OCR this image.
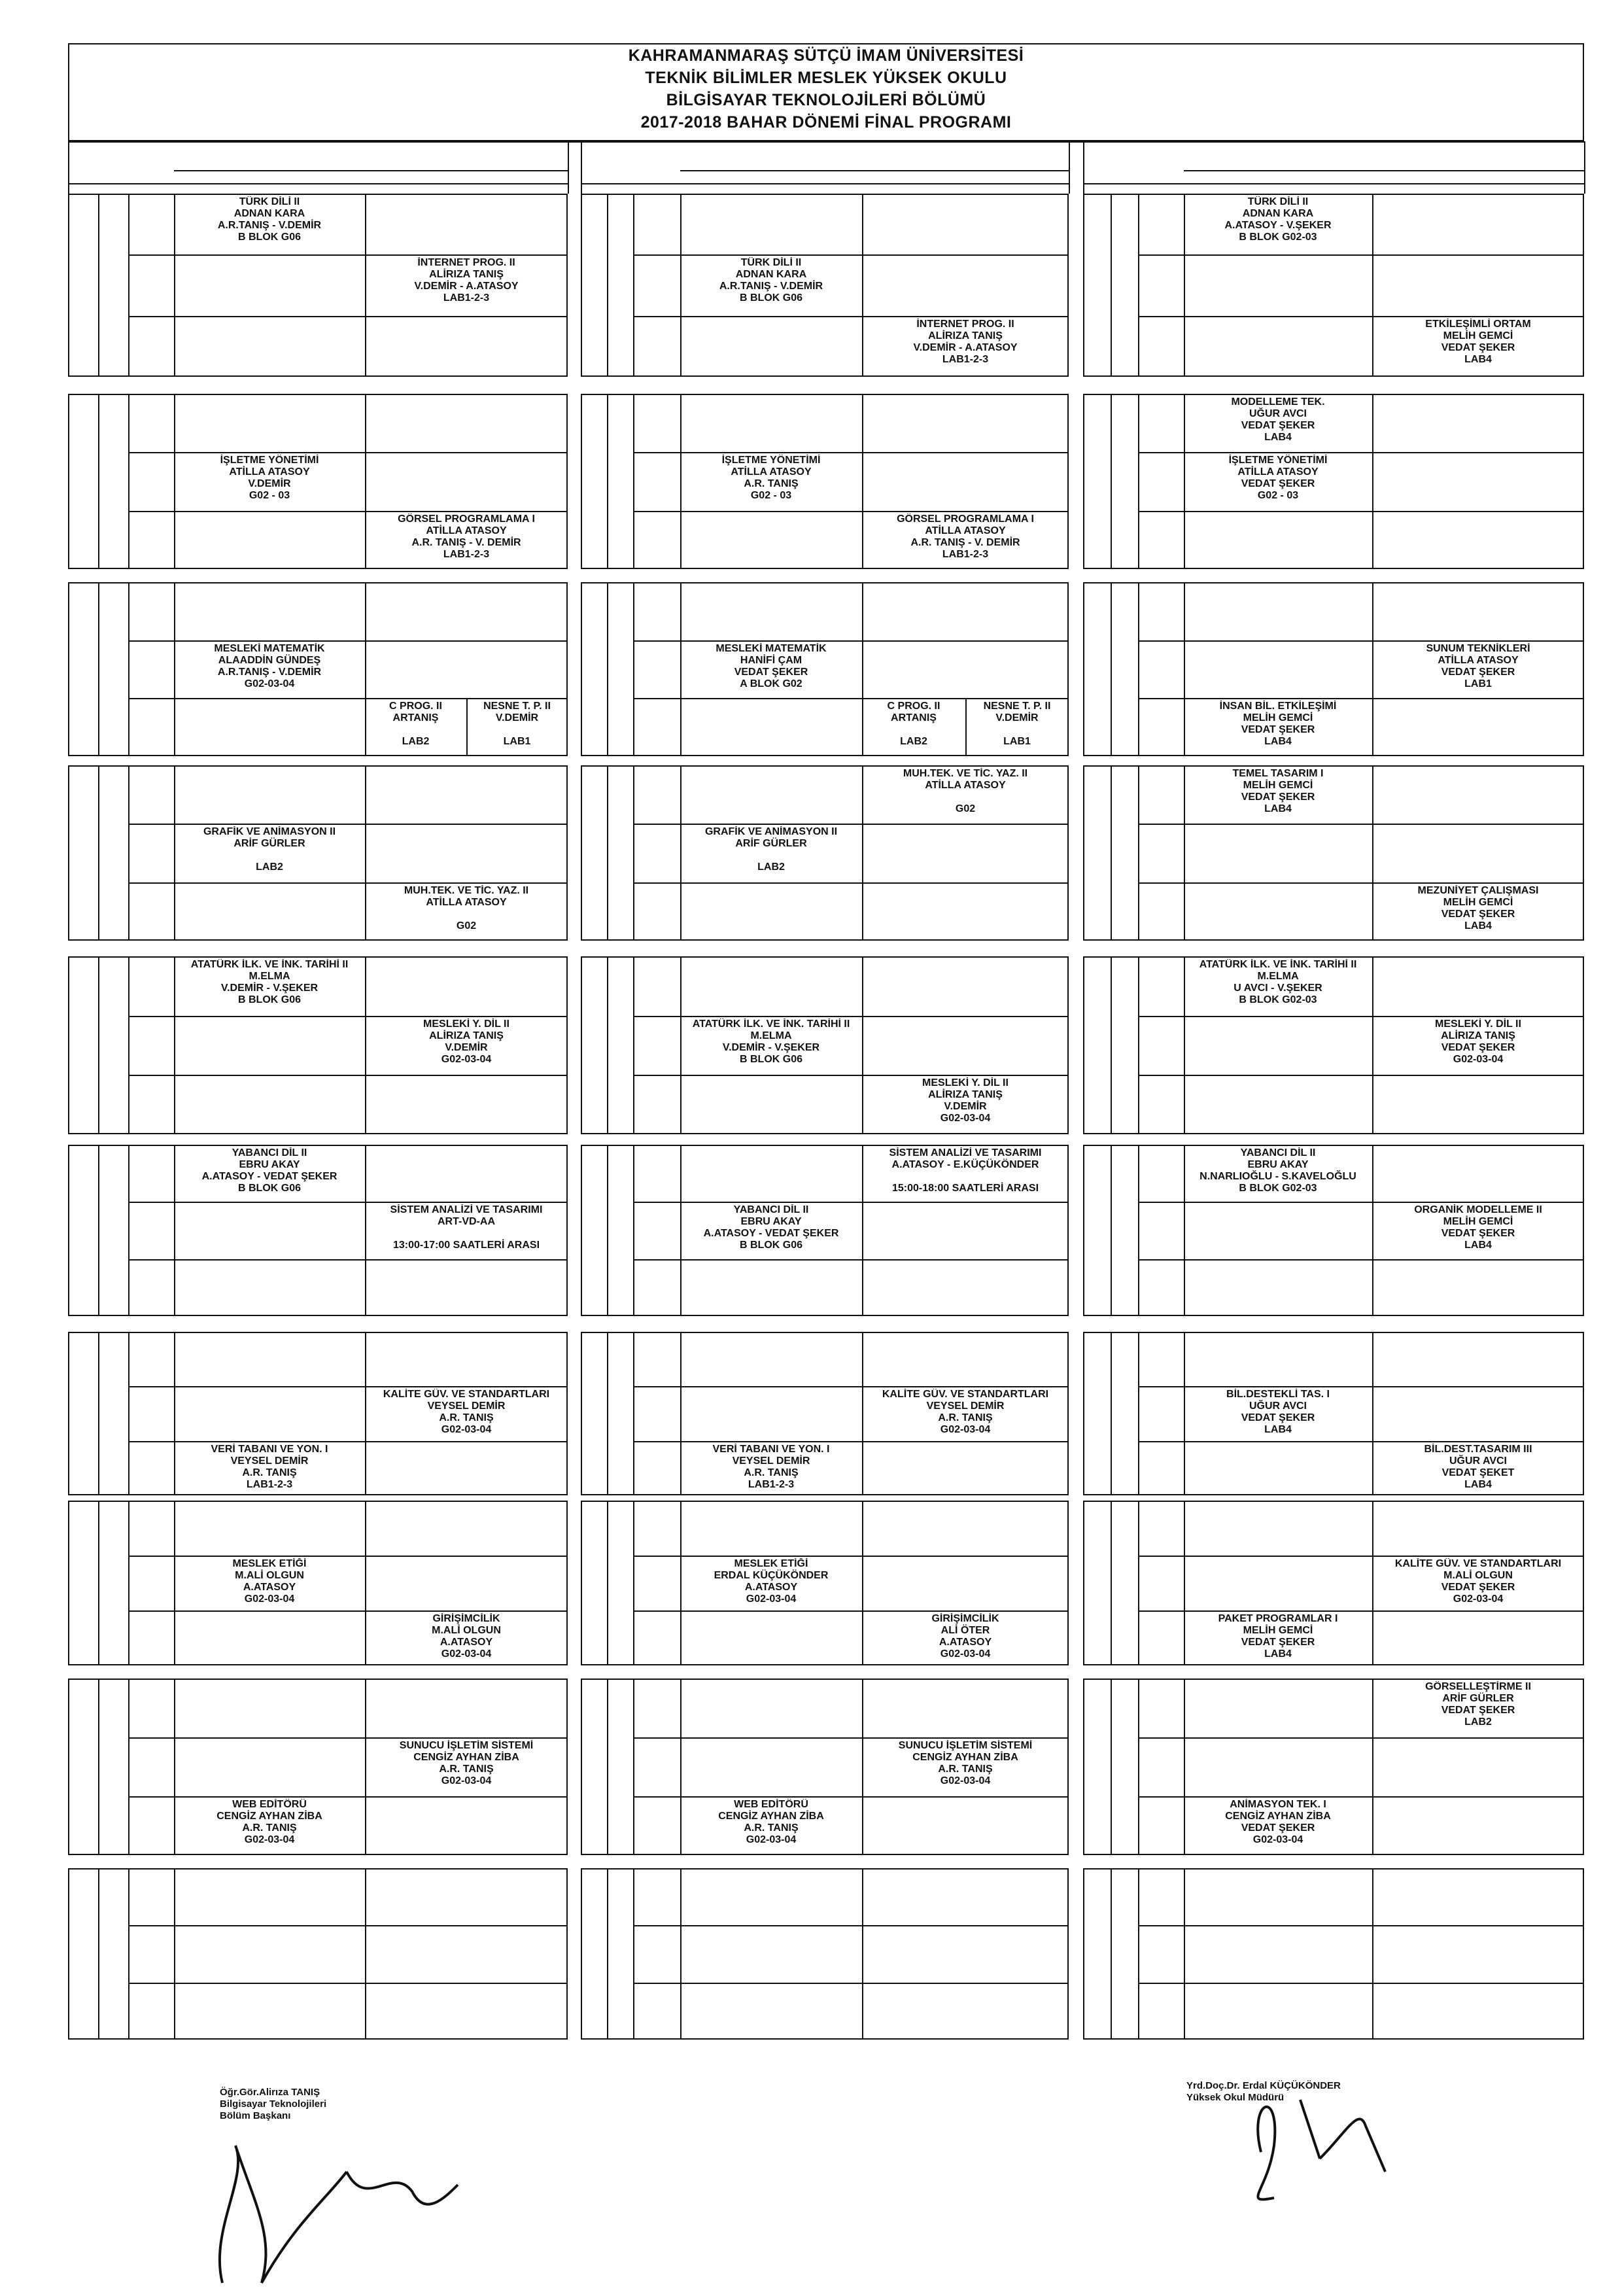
KAHRAMANMARAŞ SÜTÇÜ İMAM ÜNİVERSİTESİ
TEKNİK BİLİMLER MESLEK YÜKSEK OKULU
BİLGİSAYAR TEKNOLOJİLERİ BÖLÜMÜ
2017-2018 BAHAR DÖNEMİ FİNAL PROGRAMI
TÜRK DİLİ II
ADNAN KARA
A.R.TANIŞ - V.DEMİR
B BLOK G06
İNTERNET PROG. II
ALİRIZA TANIŞ
V.DEMİR - A.ATASOY
LAB1-2-3
TÜRK DİLİ II
ADNAN KARA
A.R.TANIŞ - V.DEMİR
B BLOK G06
İNTERNET PROG. II
ALİRIZA TANIŞ
V.DEMİR - A.ATASOY
LAB1-2-3
TÜRK DİLİ II
ADNAN KARA
A.ATASOY - V.ŞEKER
B BLOK G02-03
ETKİLEŞİMLİ ORTAM
MELİH GEMCİ
VEDAT ŞEKER
LAB4
İŞLETME YÖNETİMİ
ATİLLA ATASOY
V.DEMİR
G02 - 03
GÖRSEL PROGRAMLAMA I
ATİLLA ATASOY
A.R. TANIŞ - V. DEMİR
LAB1-2-3
İŞLETME YÖNETİMİ
ATİLLA ATASOY
A.R. TANIŞ
G02 - 03
GÖRSEL PROGRAMLAMA I
ATİLLA ATASOY
A.R. TANIŞ - V. DEMİR
LAB1-2-3
MODELLEME TEK.
UĞUR AVCI
VEDAT ŞEKER
LAB4
İŞLETME YÖNETİMİ
ATİLLA ATASOY
VEDAT ŞEKER
G02 - 03
MESLEKİ MATEMATİK
ALAADDİN GÜNDEŞ
A.R.TANIŞ - V.DEMİR
G02-03-04
C PROG. II
ARTANIŞ

LAB2
NESNE T. P. II
V.DEMİR

LAB1
MESLEKİ MATEMATİK
HANİFİ ÇAM
VEDAT ŞEKER
A BLOK G02
C PROG. II
ARTANIŞ

LAB2
NESNE T. P. II
V.DEMİR

LAB1
SUNUM TEKNİKLERİ
ATİLLA ATASOY
VEDAT ŞEKER
LAB1
İNSAN BİL. ETKİLEŞİMİ
MELİH GEMCİ
VEDAT ŞEKER
LAB4
GRAFİK VE ANİMASYON II
ARİF GÜRLER

LAB2
MUH.TEK. VE TİC. YAZ. II
ATİLLA ATASOY

G02
MUH.TEK. VE TİC. YAZ. II
ATİLLA ATASOY

G02
GRAFİK VE ANİMASYON II
ARİF GÜRLER

LAB2
TEMEL TASARIM I
MELİH GEMCİ
VEDAT ŞEKER
LAB4
MEZUNİYET ÇALIŞMASI
MELİH GEMCİ
VEDAT ŞEKER
LAB4
ATATÜRK İLK. VE İNK. TARİHİ II
M.ELMA
V.DEMİR - V.ŞEKER
B BLOK G06
MESLEKİ Y. DİL II
ALİRIZA TANIŞ
V.DEMİR
G02-03-04
ATATÜRK İLK. VE İNK. TARİHİ II
M.ELMA
V.DEMİR - V.ŞEKER
B BLOK G06
MESLEKİ Y. DİL II
ALİRIZA TANIŞ
V.DEMİR
G02-03-04
ATATÜRK İLK. VE İNK. TARİHİ II
M.ELMA
U AVCI - V.ŞEKER
B BLOK G02-03
MESLEKİ Y. DİL II
ALİRIZA TANIŞ
VEDAT ŞEKER
G02-03-04
YABANCI DİL II
EBRU AKAY
A.ATASOY - VEDAT ŞEKER
B BLOK G06
SİSTEM ANALİZİ VE TASARIMI
ART-VD-AA

13:00-17:00 SAATLERİ ARASI
SİSTEM ANALİZİ VE TASARIMI
A.ATASOY - E.KÜÇÜKÖNDER

15:00-18:00 SAATLERİ ARASI
YABANCI DİL II
EBRU AKAY
A.ATASOY - VEDAT ŞEKER
B BLOK G06
YABANCI DİL II
EBRU AKAY
N.NARLIOĞLU - S.KAVELOĞLU
B BLOK G02-03
ORGANİK MODELLEME II
MELİH GEMCİ
VEDAT ŞEKER
LAB4
KALİTE GÜV. VE STANDARTLARI
VEYSEL DEMİR
A.R. TANIŞ
G02-03-04
VERİ TABANI VE YON. I
VEYSEL DEMİR
A.R. TANIŞ
LAB1-2-3
KALİTE GÜV. VE STANDARTLARI
VEYSEL DEMİR
A.R. TANIŞ
G02-03-04
VERİ TABANI VE YON. I
VEYSEL DEMİR
A.R. TANIŞ
LAB1-2-3
BİL.DESTEKLİ TAS. I
UĞUR AVCI
VEDAT ŞEKER
LAB4
BİL.DEST.TASARIM III
UĞUR AVCI
VEDAT ŞEKET
LAB4
MESLEK ETİĞİ
M.ALİ OLGUN
A.ATASOY
G02-03-04
GİRİŞİMCİLİK
M.ALİ OLGUN
A.ATASOY
G02-03-04
MESLEK ETİĞİ
ERDAL KÜÇÜKÖNDER
A.ATASOY
G02-03-04
GİRİŞİMCİLİK
ALİ ÖTER
A.ATASOY
G02-03-04
KALİTE GÜV. VE STANDARTLARI
M.ALİ OLGUN
VEDAT ŞEKER
G02-03-04
PAKET PROGRAMLAR I
MELİH GEMCİ
VEDAT ŞEKER
LAB4
SUNUCU İŞLETİM SİSTEMİ
CENGİZ AYHAN ZİBA
A.R. TANIŞ
G02-03-04
WEB EDİTÖRÜ
CENGİZ AYHAN ZİBA
A.R. TANIŞ
G02-03-04
SUNUCU İŞLETİM SİSTEMİ
CENGİZ AYHAN ZİBA
A.R. TANIŞ
G02-03-04
WEB EDİTÖRÜ
CENGİZ AYHAN ZİBA
A.R. TANIŞ
G02-03-04
GÖRSELLEŞTİRME II
ARİF GÜRLER
VEDAT ŞEKER
LAB2
ANİMASYON TEK. I
CENGİZ AYHAN ZİBA
VEDAT ŞEKER
G02-03-04
Öğr.Gör.Alirıza TANIŞ
Bilgisayar Teknolojileri
Bölüm Başkanı
Yrd.Doç.Dr. Erdal KÜÇÜKÖNDER
Yüksek Okul Müdürü
